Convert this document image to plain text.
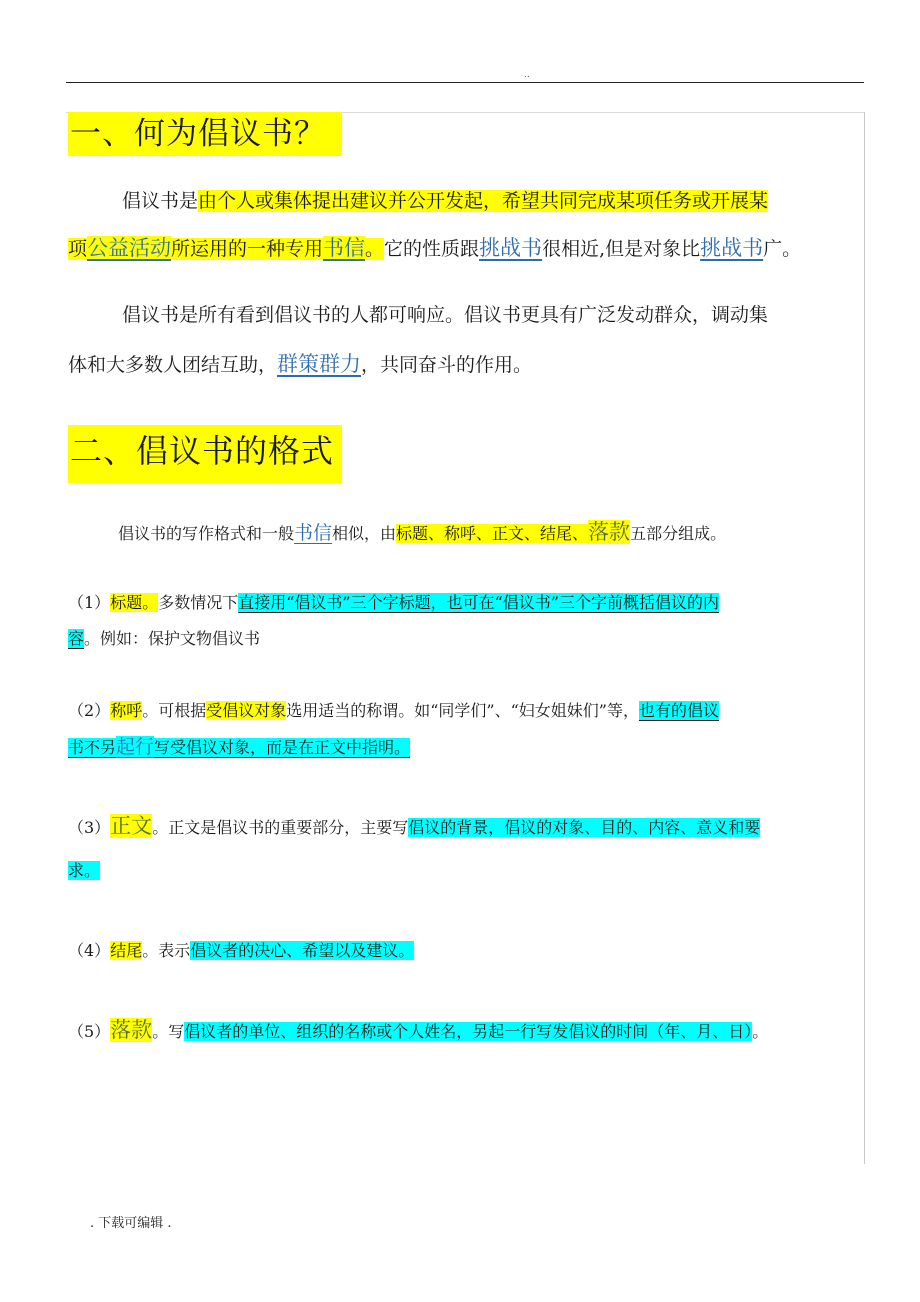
..
一、何为倡议书？
倡议书是由个人或集体提出建议并公开发起，希望共同完成某项任务或开展某
项公益活动所运用的一种专用书信。它的性质跟挑战书很相近,但是对象比挑战书广。
倡议书是所有看到倡议书的人都可响应。倡议书更具有广泛发动群众，调动集
体和大多数人团结互助，群策群力，共同奋斗的作用。
二、倡议书的格式
倡议书的写作格式和一般书信相似，由标题、称呼、正文、结尾、落款五部分组成。
（1）标题。多数情况下直接用“倡议书”三个字标题，也可在“倡议书”三个字前概括倡议的内
容。例如：保护文物倡议书
（2）称呼。可根据受倡议对象选用适当的称谓。如“同学们”、“妇女姐妹们”等，也有的倡议
书不另起行写受倡议对象，而是在正文中指明。
（3）正文。正文是倡议书的重要部分，主要写倡议的背景，倡议的对象、目的、内容、意义和要
求。
（4）结尾。表示倡议者的决心、希望以及建议。
（5）落款。写倡议者的单位、组织的名称或个人姓名，另起一行写发倡议的时间（年、月、日）。
. 下载可编辑 .
